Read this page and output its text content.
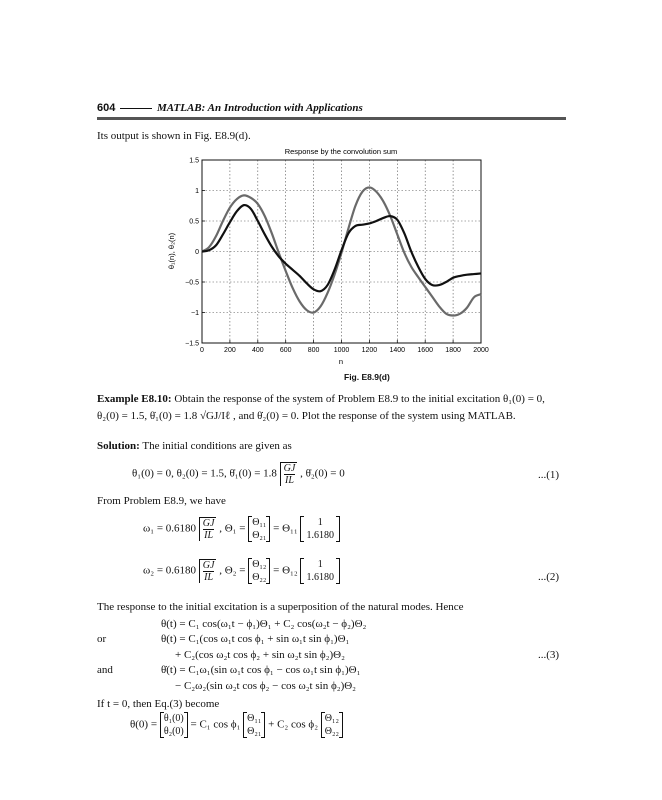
604	MATLAB: An Introduction with Applications
Its output is shown in Fig. E8.9(d).
Response by the convolution sum
0	200 400 600 800 1000 1200 1400 1600 1800 2000
−1.5
−1
−0.5
0
0.5
1
1.5
n
θ₁(n), θ₂(n)
Fig. E8.9(d)
Example E8.10: Obtain the response of the system of Problem E8.9 to the initial excitation θ₁(0) = 0,
θ₂(0) = 1.5, θ̇₁(0) = 1.8 √GJ/Iℓ , and θ̇₂(0) = 0. Plot the response of the system using MATLAB.
Solution: The initial conditions are given as
θ₁(0) = 0, θ₂(0) = 1.5, θ̇₁(0) = $1.8 \frac{GJ}{IL}$ , θ̇₂(0) = 0	...(1)
From Problem E8.9, we have
$\omega_1 = 0.6180 \frac{GJ}{IL}$ , Θ₁ =
Θ₁₁
Θ₂₁
= Θ₁₁
1
1.6180
$\omega_2 = 0.6180 \frac{GJ}{IL}$ , Θ₂ =
Θ₁₂
Θ₂₂
= Θ₁₂
1
1.6180	...(2)
The response to the initial excitation is a superposition of the natural modes. Hence
θ(t) = C₁ cos(ω₁t − ϕ₁)Θ₁ + C₂ cos(ω₂t − ϕ₂)Θ₂
or	θ(t) = C₁(cos ω₁t cos ϕ₁ + sin ω₁t sin ϕ₁)Θ₁
+ C₂(cos ω₂t cos ϕ₂ + sin ω₂t sin ϕ₂)Θ₂	...(3)
and	θ̇(t) = C₁ω₁(sin ω₁t cos ϕ₁ − cos ω₁t sin ϕ₁)Θ₁
− C₂ω₂(sin ω₂t cos ϕ₂ − cos ω₂t sin ϕ₂)Θ₂
If t = 0, then Eq.(3) become
θ(0) =
θ₁(0)
θ₂(0)
= C₁ cos ϕ₁
Θ₁₁
Θ₂₁
+ C₂ cos ϕ₂
Θ₁₂
Θ₂₂
